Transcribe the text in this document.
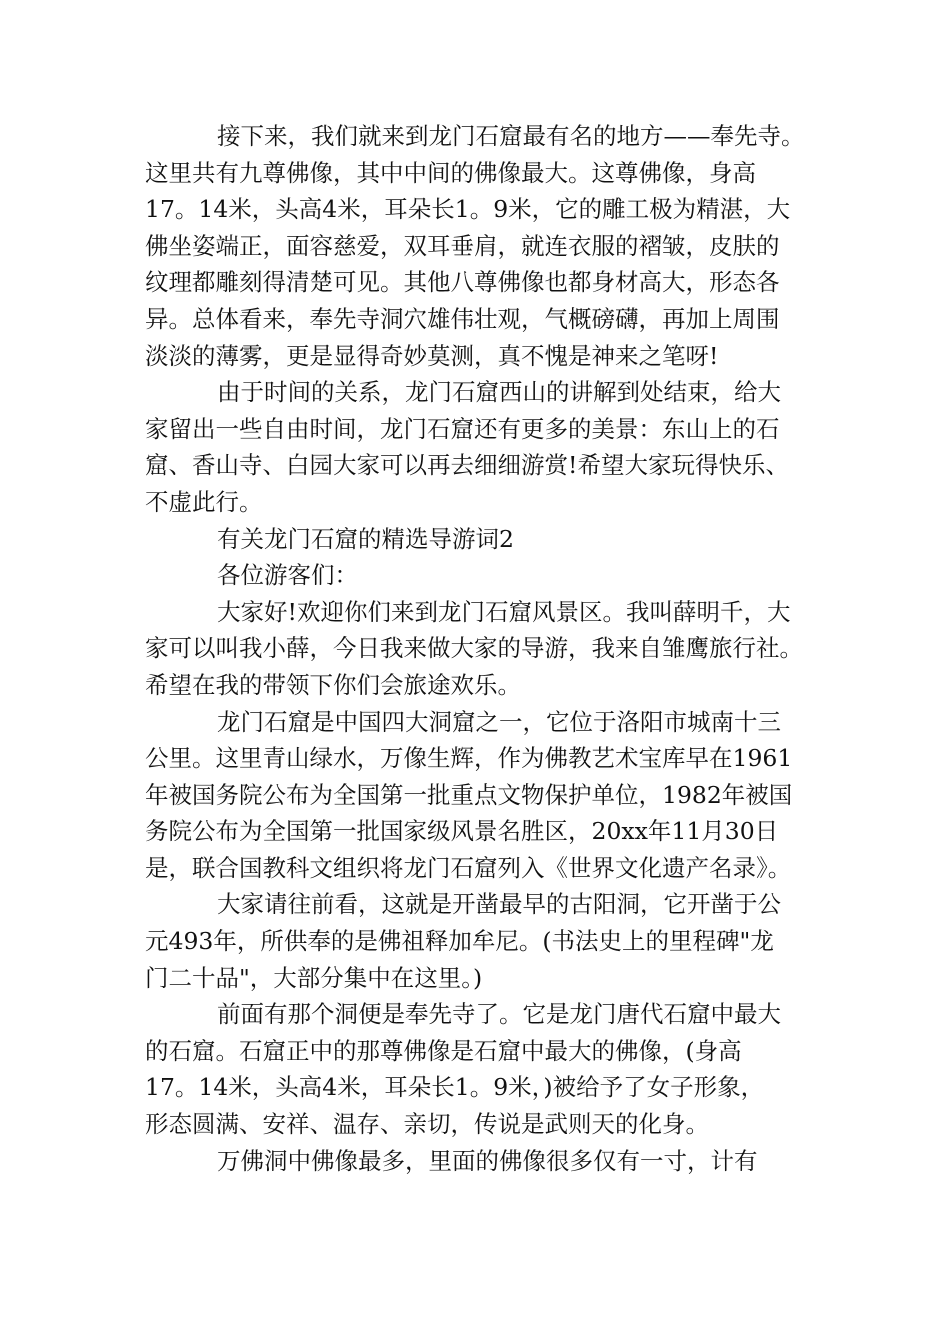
接下来，我们就来到龙门石窟最有名的地方——奉先寺。
这里共有九尊佛像，其中中间的佛像最大。这尊佛像，身高
17。14米，头高4米，耳朵长1。9米，它的雕工极为精湛，大
佛坐姿端正，面容慈爱，双耳垂肩，就连衣服的褶皱，皮肤的
纹理都雕刻得清楚可见。其他八尊佛像也都身材高大，形态各
异。总体看来，奉先寺洞穴雄伟壮观，气概磅礴，再加上周围
淡淡的薄雾，更是显得奇妙莫测，真不愧是神来之笔呀!

由于时间的关系，龙门石窟西山的讲解到处结束，给大
家留出一些自由时间，龙门石窟还有更多的美景：东山上的石
窟、香山寺、白园大家可以再去细细游赏!希望大家玩得快乐、
不虚此行。

有关龙门石窟的精选导游词2

各位游客们：

大家好!欢迎你们来到龙门石窟风景区。我叫薛明千，大
家可以叫我小薛，今日我来做大家的导游，我来自雏鹰旅行社。
希望在我的带领下你们会旅途欢乐。

龙门石窟是中国四大洞窟之一，它位于洛阳市城南十三
公里。这里青山绿水，万像生辉，作为佛教艺术宝库早在1961
年被国务院公布为全国第一批重点文物保护单位，1982年被国
务院公布为全国第一批国家级风景名胜区，20xx年11月30日
是，联合国教科文组织将龙门石窟列入《世界文化遗产名录》。

大家请往前看，这就是开凿最早的古阳洞，它开凿于公
元493年，所供奉的是佛祖释加牟尼。(书法史上的里程碑"龙
门二十品"，大部分集中在这里。)

前面有那个洞便是奉先寺了。它是龙门唐代石窟中最大
的石窟。石窟正中的那尊佛像是石窟中最大的佛像，(身高
17。14米，头高4米，耳朵长1。9米，)被给予了女子形象，
形态圆满、安祥、温存、亲切，传说是武则天的化身。

万佛洞中佛像最多，里面的佛像很多仅有一寸，计有
